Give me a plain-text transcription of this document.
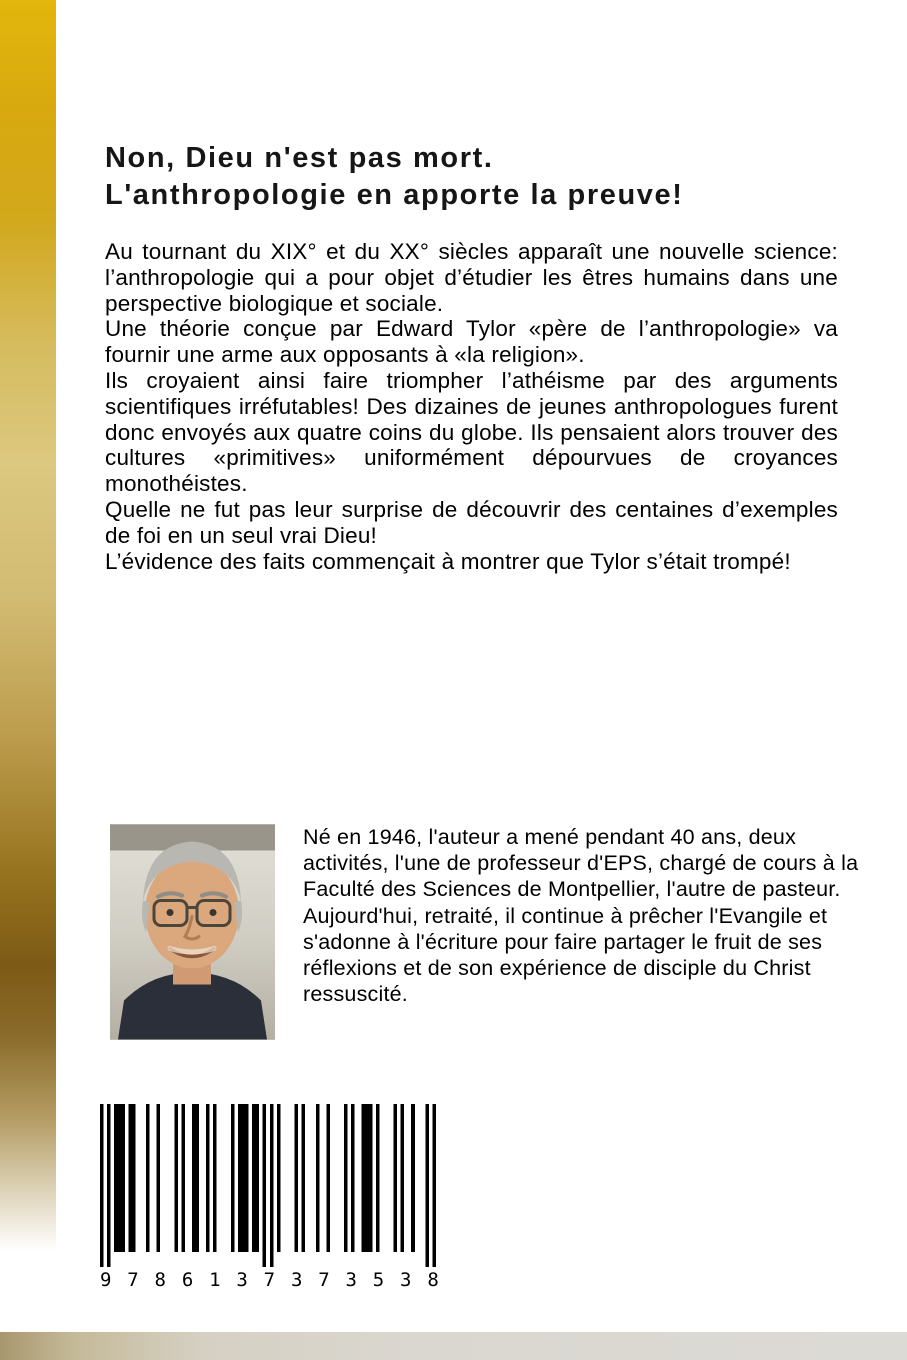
Non, Dieu n'est pas mort.
L'anthropologie en apporte la preuve!

Au tournant du XIX° et du XX° siècles apparaît une nouvelle science: l’anthropologie qui a pour objet d’étudier les êtres humains dans une perspective biologique et sociale.

Une théorie conçue par Edward Tylor «père de l’anthropologie» va fournir une arme aux opposants à «la religion».

Ils croyaient ainsi faire triompher l’athéisme par des arguments scientifiques irréfutables! Des dizaines de jeunes anthropologues furent donc envoyés aux quatre coins du globe. Ils pensaient alors trouver des cultures «primitives» uniformément dépourvues de croyances monothéistes.

Quelle ne fut pas leur surprise de découvrir des centaines d’exemples de foi en un seul vrai Dieu!

L’évidence des faits commençait à montrer que Tylor s’était trompé!

Né en 1946, l'auteur a mené pendant 40 ans, deux activités, l'une de professeur d'EPS, chargé de cours à la Faculté des Sciences de Montpellier, l'autre de pasteur. Aujourd'hui, retraité, il continue à prêcher l'Evangile et s'adonne à l'écriture pour faire partager le fruit de ses réflexions et de son expérience de disciple du Christ ressuscité.

9 7 8 6 1 3 7 3 7 3 5 3 8
